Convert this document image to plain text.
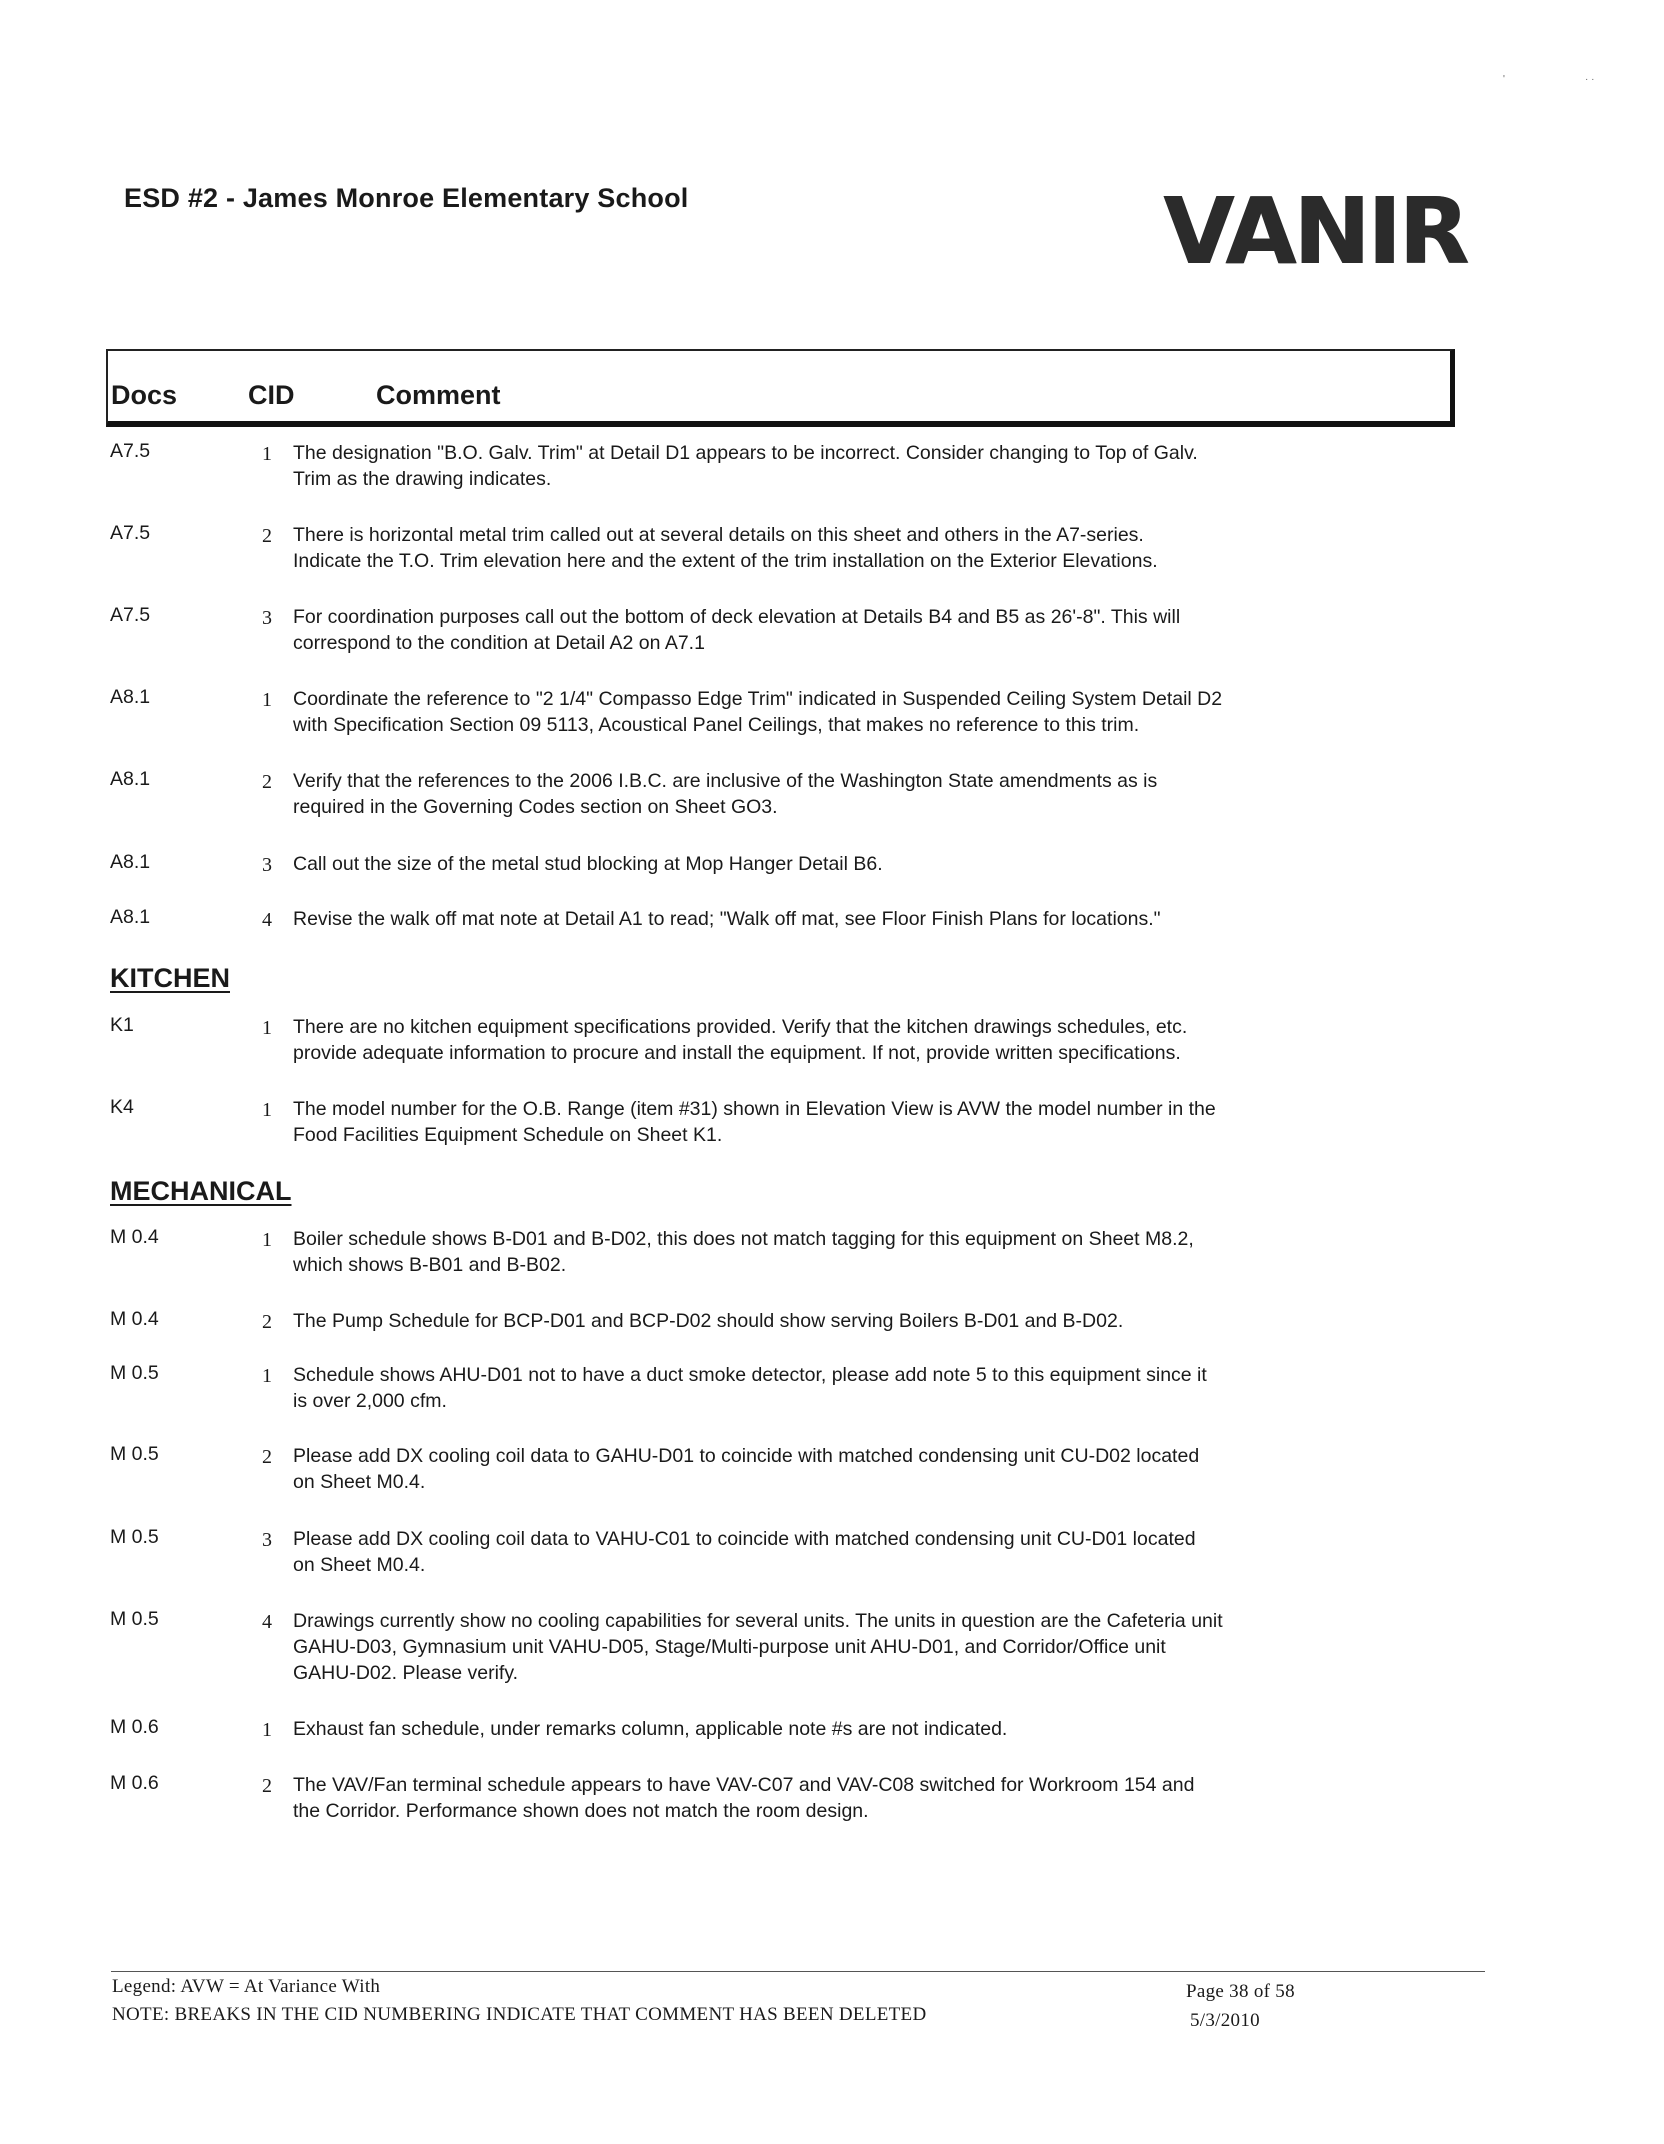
ESD #2 - James Monroe Elementary School	VANIR
'	· ·
Docs	CID	Comment
A7.5	1 The designation "B.O. Galv. Trim" at Detail D1 appears to be incorrect. Consider changing to Top of Galv.
Trim as the drawing indicates.
A7.5	2 There is horizontal metal trim called out at several details on this sheet and others in the A7-series.
Indicate the T.O. Trim elevation here and the extent of the trim installation on the Exterior Elevations.
A7.5	3 For coordination purposes call out the bottom of deck elevation at Details B4 and B5 as 26'-8". This will
correspond to the condition at Detail A2 on A7.1
A8.1	1 Coordinate the reference to "2 1/4" Compasso Edge Trim" indicated in Suspended Ceiling System Detail D2
with Specification Section 09 5113, Acoustical Panel Ceilings, that makes no reference to this trim.
A8.1	2 Verify that the references to the 2006 I.B.C. are inclusive of the Washington State amendments as is
required in the Governing Codes section on Sheet GO3.
A8.1	3 Call out the size of the metal stud blocking at Mop Hanger Detail B6.
A8.1	4 Revise the walk off mat note at Detail A1 to read; "Walk off mat, see Floor Finish Plans for locations."
KITCHEN
K1	1 There are no kitchen equipment specifications provided. Verify that the kitchen drawings schedules, etc.
provide adequate information to procure and install the equipment. If not, provide written specifications.
K4	1 The model number for the O.B. Range (item #31) shown in Elevation View is AVW the model number in the
Food Facilities Equipment Schedule on Sheet K1.
MECHANICAL
M 0.4	1 Boiler schedule shows B-D01 and B-D02, this does not match tagging for this equipment on Sheet M8.2,
which shows B-B01 and B-B02.
M 0.4	2 The Pump Schedule for BCP-D01 and BCP-D02 should show serving Boilers B-D01 and B-D02.
M 0.5	1 Schedule shows AHU-D01 not to have a duct smoke detector, please add note 5 to this equipment since it
is over 2,000 cfm.
M 0.5	2 Please add DX cooling coil data to GAHU-D01 to coincide with matched condensing unit CU-D02 located
on Sheet M0.4.
M 0.5	3 Please add DX cooling coil data to VAHU-C01 to coincide with matched condensing unit CU-D01 located
on Sheet M0.4.
M 0.5	4 Drawings currently show no cooling capabilities for several units. The units in question are the Cafeteria unit
GAHU-D03, Gymnasium unit VAHU-D05, Stage/Multi-purpose unit AHU-D01, and Corridor/Office unit
GAHU-D02. Please verify.
M 0.6	1 Exhaust fan schedule, under remarks column, applicable note #s are not indicated.
M 0.6	2 The VAV/Fan terminal schedule appears to have VAV-C07 and VAV-C08 switched for Workroom 154 and
the Corridor. Performance shown does not match the room design.
Legend: AVW = At Variance With
NOTE: BREAKS IN THE CID NUMBERING INDICATE THAT COMMENT HAS BEEN DELETED
Page 38 of 58
5/3/2010
